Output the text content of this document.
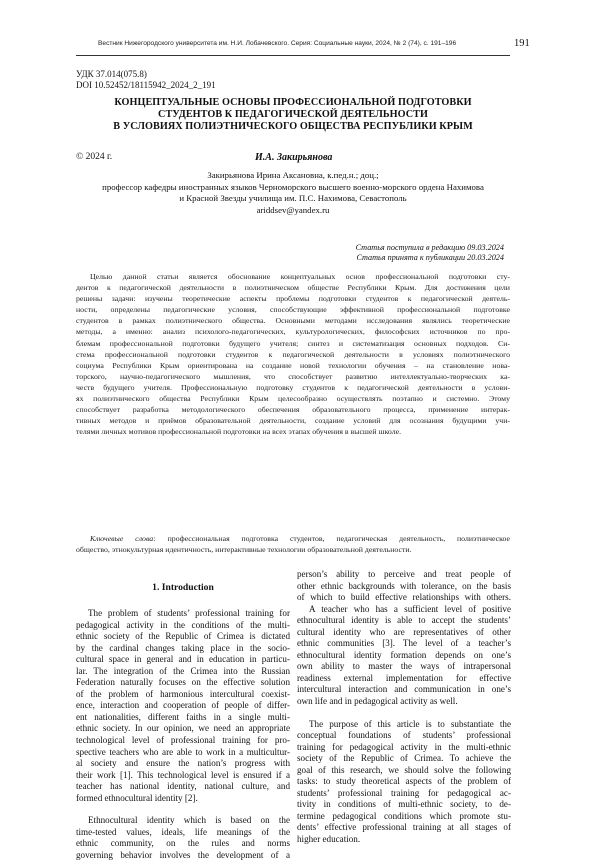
Вестник Нижегородского университета им. Н.И. Лобачевского. Серия: Социальные науки, 2024, № 2 (74), с. 191–196	191
УДК 37.014(075.8)
DOI 10.52452/18115942_2024_2_191
КОНЦЕПТУАЛЬНЫЕ ОСНОВЫ ПРОФЕССИОНАЛЬНОЙ ПОДГОТОВКИ
СТУДЕНТОВ К ПЕДАГОГИЧЕСКОЙ ДЕЯТЕЛЬНОСТИ
В УСЛОВИЯХ ПОЛИЭТНИЧЕСКОГО ОБЩЕСТВА РЕСПУБЛИКИ КРЫМ
© 2024 г.	И.А. Закирьянова
Закирьянова Ирина Аксановна, к.пед.н.; доц.;
профессор кафедры иностранных языков Черноморского высшего военно-морского ордена Нахимова
и Красной Звезды училища им. П.С. Нахимова, Севастополь
ariddsev@yandex.ru
Статья поступила в редакцию 09.03.2024
Статья принята к публикации 20.03.2024
Целью данной статьи является обоснование концептуальных основ профессиональной подготовки сту-
дентов к педагогической деятельности в полиэтническом обществе Республики Крым. Для достижения цели
решены задачи: изучены теоретические аспекты проблемы подготовки студентов к педагогической деятель-
ности, определены педагогические условия, способствующие эффективной профессиональной подготовке
студентов в рамках полиэтнического общества. Основными методами исследования являлись теоретические
методы, а именно: анализ психолого-педагогических, культурологических, философских источников по про-
блемам профессиональной подготовки будущего учителя; синтез и систематизация основных подходов. Си-
стема профессиональной подготовки студентов к педагогической деятельности в условиях полиэтнического
социума Республики Крым ориентирована на создание новой технологии обучения – на становление нова-
торского, научно-педагогического мышления, что способствует развитию интеллектуально-творческих ка-
честв будущего учителя. Профессиональную подготовку студентов к педагогической деятельности в услови-
ях полиэтнического общества Республики Крым целесообразно осуществлять поэтапно и системно. Этому
способствует разработка методологического обеспечения образовательного процесса, применение интерак-
тивных методов и приёмов образовательной деятельности, создание условий для осознания будущими учи-
телями личных мотивов профессиональной подготовки на всех этапах обучения в высшей школе.
Ключевые слова: профессиональная подготовка студентов, педагогическая деятельность, полиэтническое
общество, этнокультурная идентичность, интерактивные технологии образовательной деятельности.
1. Introduction
The problem of students’ professional training for
pedagogical activity in the conditions of the multi-
ethnic society of the Republic of Crimea is dictated
by the cardinal changes taking place in the socio-
cultural space in general and in education in particu-
lar. The integration of the Crimea into the Russian
Federation naturally focuses on the effective solution
of the problem of harmonious intercultural coexist-
ence, interaction and cooperation of people of differ-
ent nationalities, different faiths in a single multi-
ethnic society. In our opinion, we need an appropriate
technological level of professional training for pro-
spective teachers who are able to work in a multicultur-
al society and ensure the nation’s progress with
their work [1]. This technological level is ensured if a
teacher has national identity, national culture, and
formed ethnocultural identity [2].
Ethnocultural identity which is based on the
time-tested values, ideals, life meanings of the
ethnic community, on the rules and norms
governing behavior involves the development of a
person’s ability to perceive and treat people of
other ethnic backgrounds with tolerance, on the basis
of which to build effective relationships with others.
A teacher who has a sufficient level of positive
ethnocultural identity is able to accept the students’
cultural identity who are representatives of other
ethnic communities [3]. The level of a teacher’s
ethnocultural identity formation depends on one’s
own ability to master the ways of intrapersonal
readiness external implementation for effective
intercultural interaction and communication in one’s
own life and in pedagogical activity as well.
The purpose of this article is to substantiate the
conceptual foundations of students’ professional
training for pedagogical activity in the multi-ethnic
society of the Republic of Crimea. To achieve the
goal of this research, we should solve the following
tasks: to study theoretical aspects of the problem of
students’ professional training for pedagogical ac-
tivity in conditions of multi-ethnic society, to de-
termine pedagogical conditions which promote stu-
dents’ effective professional training at all stages of
higher education.
